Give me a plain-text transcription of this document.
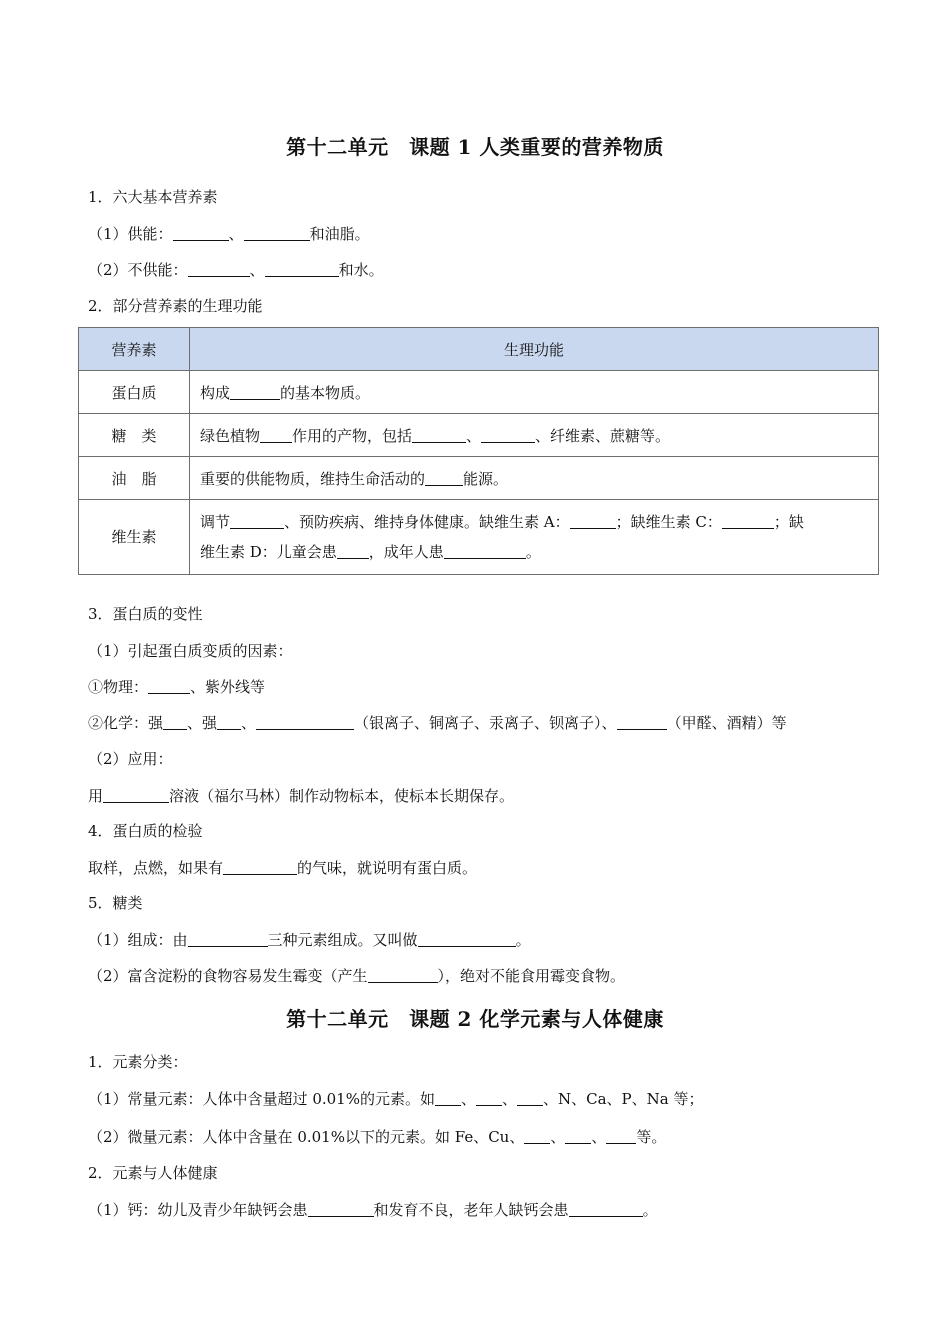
第十二单元　课题 1 人类重要的营养物质
1．六大基本营养素
（1）供能：	、	和油脂。
（2）不供能：	、	和水。
2．部分营养素的生理功能
营养素	生理功能
蛋白质	构成 的基本物质。
糖　类	绿色植物 作用的产物，包括 、 、纤维素、蔗糖等。
油　脂	重要的供能物质，维持生命活动的 能源。
维生素	调节 、预防疾病、维持身体健康。缺维生素 A： ；缺维生素 C： ；缺
维生素 D：儿童会患 ，成年人患 。
3．蛋白质的变性
（1）引起蛋白质变质的因素：
①物理：	、紫外线等
②化学：强 、强 、	（银离子、铜离子、汞离子、钡离子）、	（甲醛、酒精）等
（2）应用：
用	溶液（福尔马林）制作动物标本，使标本长期保存。
4．蛋白质的检验
取样，点燃，如果有	的气味，就说明有蛋白质。
5．糖类
（1）组成：由	三种元素组成。又叫做	。
（2）富含淀粉的食物容易发生霉变（产生	），绝对不能食用霉变食物。
第十二单元　课题 2 化学元素与人体健康
1．元素分类：
（1）常量元素：人体中含量超过 0.01%的元素。如 、 、 、N、Ca、P、Na 等；
（2）微量元素：人体中含量在 0.01%以下的元素。如 Fe、Cu、 、 、 等。
2．元素与人体健康
（1）钙：幼儿及青少年缺钙会患	和发育不良，老年人缺钙会患	。
